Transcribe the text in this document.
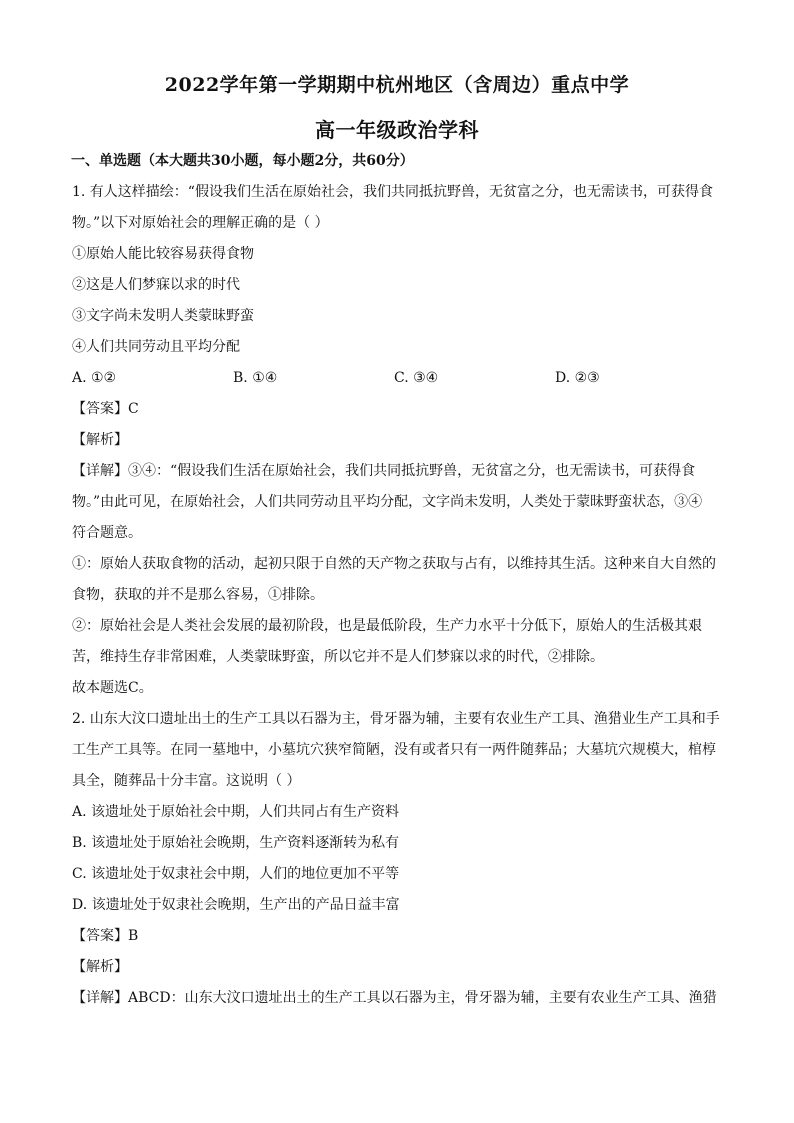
2022学年第一学期期中杭州地区（含周边）重点中学
高一年级政治学科
一、单选题（本大题共30小题，每小题2分，共60分）

1. 有人这样描绘：“假设我们生活在原始社会，我们共同抵抗野兽，无贫富之分，也无需读书，可获得食

物。”以下对原始社会的理解正确的是（ ）

①原始人能比较容易获得食物

②这是人们梦寐以求的时代

③文字尚未发明人类蒙昧野蛮

④人们共同劳动且平均分配

A. ①②	B. ①④	C. ③④	D. ②③

【答案】C

【解析】

【详解】③④：“假设我们生活在原始社会，我们共同抵抗野兽，无贫富之分，也无需读书，可获得食

物。”由此可见，在原始社会，人们共同劳动且平均分配，文字尚未发明，人类处于蒙昧野蛮状态，③④

符合题意。

①：原始人获取食物的活动，起初只限于自然的天产物之获取与占有，以维持其生活。这种来自大自然的

食物，获取的并不是那么容易，①排除。

②：原始社会是人类社会发展的最初阶段，也是最低阶段，生产力水平十分低下，原始人的生活极其艰

苦，维持生存非常困难，人类蒙昧野蛮，所以它并不是人们梦寐以求的时代，②排除。

故本题选C。

2. 山东大汶口遗址出土的生产工具以石器为主，骨牙器为辅，主要有农业生产工具、渔猎业生产工具和手

工生产工具等。在同一墓地中，小墓坑穴狭窄简陋，没有或者只有一两件随葬品；大墓坑穴规模大，棺椁

具全，随葬品十分丰富。这说明（ ）

A. 该遗址处于原始社会中期，人们共同占有生产资料

B. 该遗址处于原始社会晚期，生产资料逐渐转为私有

C. 该遗址处于奴隶社会中期，人们的地位更加不平等

D. 该遗址处于奴隶社会晚期，生产出的产品日益丰富

【答案】B

【解析】

【详解】ABCD：山东大汶口遗址出土的生产工具以石器为主，骨牙器为辅，主要有农业生产工具、渔猎
